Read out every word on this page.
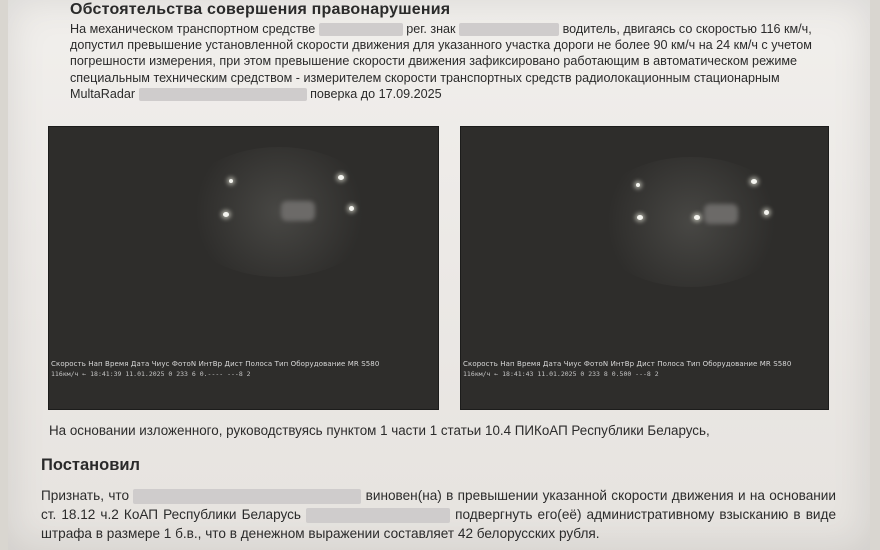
Обстоятельства совершения правонарушения
На механическом транспортном средстве	рег. знак	водитель, двигаясь со скоростью 116 км/ч, допустил превышение установленной скорости движения для указанного участка дороги не более 90 км/ч на 24 км/ч с учетом погрешности измерения, при этом превышение скорости движения зафиксировано работающим в автоматическом режиме специальным техническим средством - измерителем скорости транспортных средств радиолокационным стационарным MultaRadar	поверка до 17.09.2025
Скорость Нап Время Дата Чиус ФотоN ИнтВр Дист Полоса Тип Оборудование MR S580
116км/ч ← 18:41:39 11.01.2025 0 233 6 0.---- ---8 2
Скорость Нап Время Дата Чиус ФотоN ИнтВр Дист Полоса Тип Оборудование MR S580
116км/ч ← 18:41:43 11.01.2025 0 233 8 0.500 ---8 2
На основании изложенного, руководствуясь пунктом 1 части 1 статьи 10.4 ПИКоАП Республики Беларусь,
Постановил
Признать, что	виновен(на) в превышении указанной скорости движения и на основании ст. 18.12 ч.2 КоАП Республики Беларусь	подвергнуть его(её) административному взысканию в виде штрафа в размере 1 б.в., что в денежном выражении составляет 42 белорусских рубля.
